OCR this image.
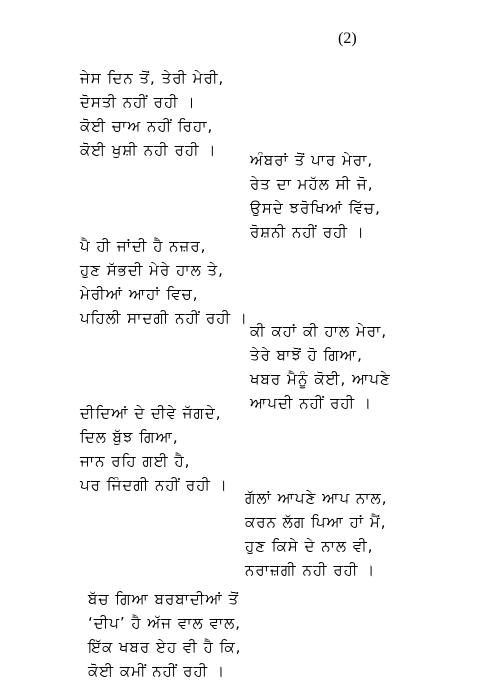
(2)
ਜੇਸ ਦਿਨ ਤੋਂ, ਤੇਰੀ ਮੇਰੀ,
ਦੋਸਤੀ ਨਹੀਂ ਰਹੀ ।
ਕੋਈ ਚਾਅ ਨਹੀਂ ਰਿਹਾ,
ਕੋਈ ਖੁਸ਼ੀ ਨਹੀ ਰਹੀ ।
ਅੰਬਰਾਂ ਤੋਂ ਪਾਰ ਮੇਰਾ,
ਰੇਤ ਦਾ ਮਹੱਲ ਸੀ ਜੋ,
ਉਸਦੇ ਝਰੋਖਿਆਂ ਵਿੱਚ,
ਰੋਸ਼ਨੀ ਨਹੀਂ ਰਹੀ ।
ਪੈ ਹੀ ਜਾਂਦੀ ਹੈ ਨਜ਼ਰ,
ਹੁਣ ਸੱਭਦੀ ਮੇਰੇ ਹਾਲ ਤੇ,
ਮੇਰੀਆਂ ਆਹਾਂ ਵਿਚ,
ਪਹਿਲੀ ਸਾਦਗੀ ਨਹੀਂ ਰਹੀ ।
ਕੀ ਕਹਾਂ ਕੀ ਹਾਲ ਮੇਰਾ,
ਤੇਰੇ ਬਾਝੋਂ ਹੋ ਗਿਆ,
ਖਬਰ ਮੈਨੂੰ ਕੋਈ, ਆਪਣੇ
ਆਪਦੀ ਨਹੀਂ ਰਹੀ ।
ਦੀਦਿਆਂ ਦੇ ਦੀਵੇ ਜੱਗਦੇ,
ਦਿਲ ਬੁੱਝ ਗਿਆ,
ਜਾਨ ਰਹਿ ਗਈ ਹੈ,
ਪਰ ਜਿੰਦਗੀ ਨਹੀਂ ਰਹੀ ।
ਗੱਲਾਂ ਆਪਣੇ ਆਪ ਨਾਲ,
ਕਰਨ ਲੱਗ ਪਿਆ ਹਾਂ ਮੈਂ,
ਹੁਣ ਕਿਸੇ ਦੇ ਨਾਲ ਵੀ,
ਨਰਾਜ਼ਗੀ ਨਹੀ ਰਹੀ ।
ਬੱਚ ਗਿਆ ਬਰਬਾਦੀਆਂ ਤੋਂ
‘ਦੀਪ’ ਹੈ ਅੱਜ ਵਾਲ ਵਾਲ,
ਇੱਕ ਖਬਰ ਏਹ ਵੀ ਹੈ ਕਿ,
ਕੋਈ ਕਮੀਂ ਨਹੀਂ ਰਹੀ ।
